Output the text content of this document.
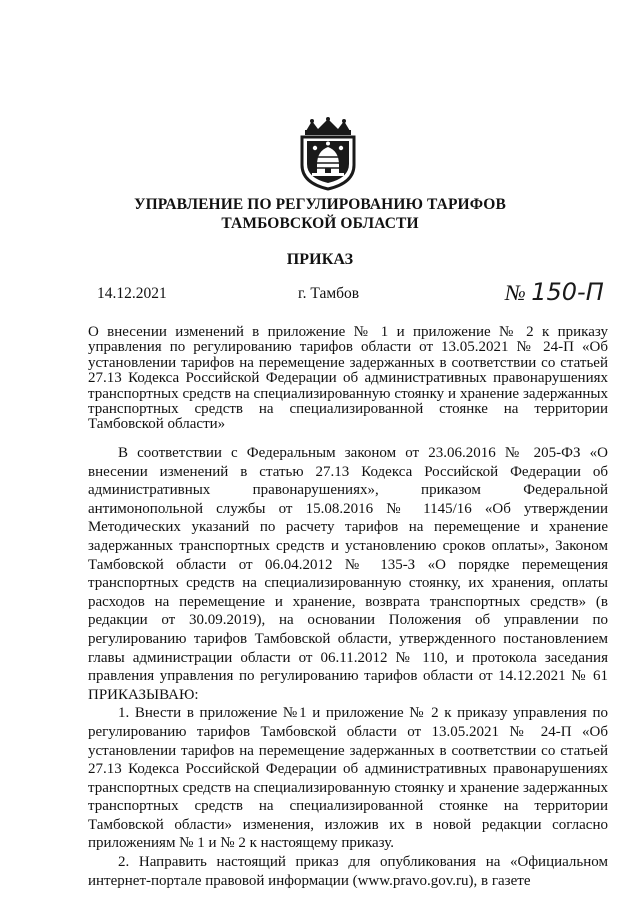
УПРАВЛЕНИЕ ПО РЕГУЛИРОВАНИЮ ТАРИФОВ
ТАМБОВСКОЙ ОБЛАСТИ
ПРИКАЗ
14.12.2021	г. Тамбов	№ 150-П
О внесении изменений в приложение № 1 и приложение № 2 к приказу управления по регулированию тарифов области от 13.05.2021 № 24-П «Об установлении тарифов на перемещение задержанных в соответствии со статьей 27.13 Кодекса Российской Федерации об административных правонарушениях транспортных средств на специализированную стоянку и хранение задержанных транспортных средств на специализированной стоянке на территории Тамбовской области»

В соответствии с Федеральным законом от 23.06.2016 № 205-ФЗ «О внесении изменений в статью 27.13 Кодекса Российской Федерации об административных правонарушениях», приказом Федеральной антимонопольной службы от 15.08.2016 № 1145/16 «Об утверждении Методических указаний по расчету тарифов на перемещение и хранение задержанных транспортных средств и установлению сроков оплаты», Законом Тамбовской области от 06.04.2012 № 135-З «О порядке перемещения транспортных средств на специализированную стоянку, их хранения, оплаты расходов на перемещение и хранение, возврата транспортных средств» (в редакции от 30.09.2019), на основании Положения об управлении по регулированию тарифов Тамбовской области, утвержденного постановлением главы администрации области от 06.11.2012 № 110, и протокола заседания правления управления по регулированию тарифов области от 14.12.2021 № 61 ПРИКАЗЫВАЮ:

1. Внести в приложение №1 и приложение № 2 к приказу управления по регулированию тарифов Тамбовской области от 13.05.2021 № 24-П «Об установлении тарифов на перемещение задержанных в соответствии со статьей 27.13 Кодекса Российской Федерации об административных правонарушениях транспортных средств на специализированную стоянку и хранение задержанных транспортных средств на специализированной стоянке на территории Тамбовской области» изменения, изложив их в новой редакции согласно приложениям № 1 и № 2 к настоящему приказу.

2. Направить настоящий приказ для опубликования на «Официальном интернет-портале правовой информации (www.pravo.gov.ru), в газете
